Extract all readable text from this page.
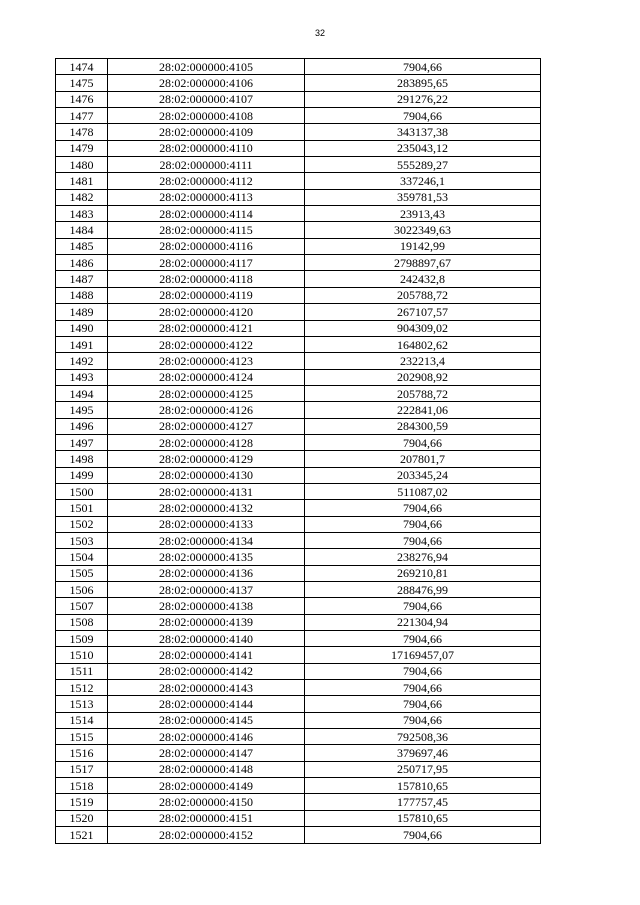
32
1474	28:02:000000:4105	7904,66
1475	28:02:000000:4106	283895,65
1476	28:02:000000:4107	291276,22
1477	28:02:000000:4108	7904,66
1478	28:02:000000:4109	343137,38
1479	28:02:000000:4110	235043,12
1480	28:02:000000:4111	555289,27
1481	28:02:000000:4112	337246,1
1482	28:02:000000:4113	359781,53
1483	28:02:000000:4114	23913,43
1484	28:02:000000:4115	3022349,63
1485	28:02:000000:4116	19142,99
1486	28:02:000000:4117	2798897,67
1487	28:02:000000:4118	242432,8
1488	28:02:000000:4119	205788,72
1489	28:02:000000:4120	267107,57
1490	28:02:000000:4121	904309,02
1491	28:02:000000:4122	164802,62
1492	28:02:000000:4123	232213,4
1493	28:02:000000:4124	202908,92
1494	28:02:000000:4125	205788,72
1495	28:02:000000:4126	222841,06
1496	28:02:000000:4127	284300,59
1497	28:02:000000:4128	7904,66
1498	28:02:000000:4129	207801,7
1499	28:02:000000:4130	203345,24
1500	28:02:000000:4131	511087,02
1501	28:02:000000:4132	7904,66
1502	28:02:000000:4133	7904,66
1503	28:02:000000:4134	7904,66
1504	28:02:000000:4135	238276,94
1505	28:02:000000:4136	269210,81
1506	28:02:000000:4137	288476,99
1507	28:02:000000:4138	7904,66
1508	28:02:000000:4139	221304,94
1509	28:02:000000:4140	7904,66
1510	28:02:000000:4141	17169457,07
1511	28:02:000000:4142	7904,66
1512	28:02:000000:4143	7904,66
1513	28:02:000000:4144	7904,66
1514	28:02:000000:4145	7904,66
1515	28:02:000000:4146	792508,36
1516	28:02:000000:4147	379697,46
1517	28:02:000000:4148	250717,95
1518	28:02:000000:4149	157810,65
1519	28:02:000000:4150	177757,45
1520	28:02:000000:4151	157810,65
1521	28:02:000000:4152	7904,66
